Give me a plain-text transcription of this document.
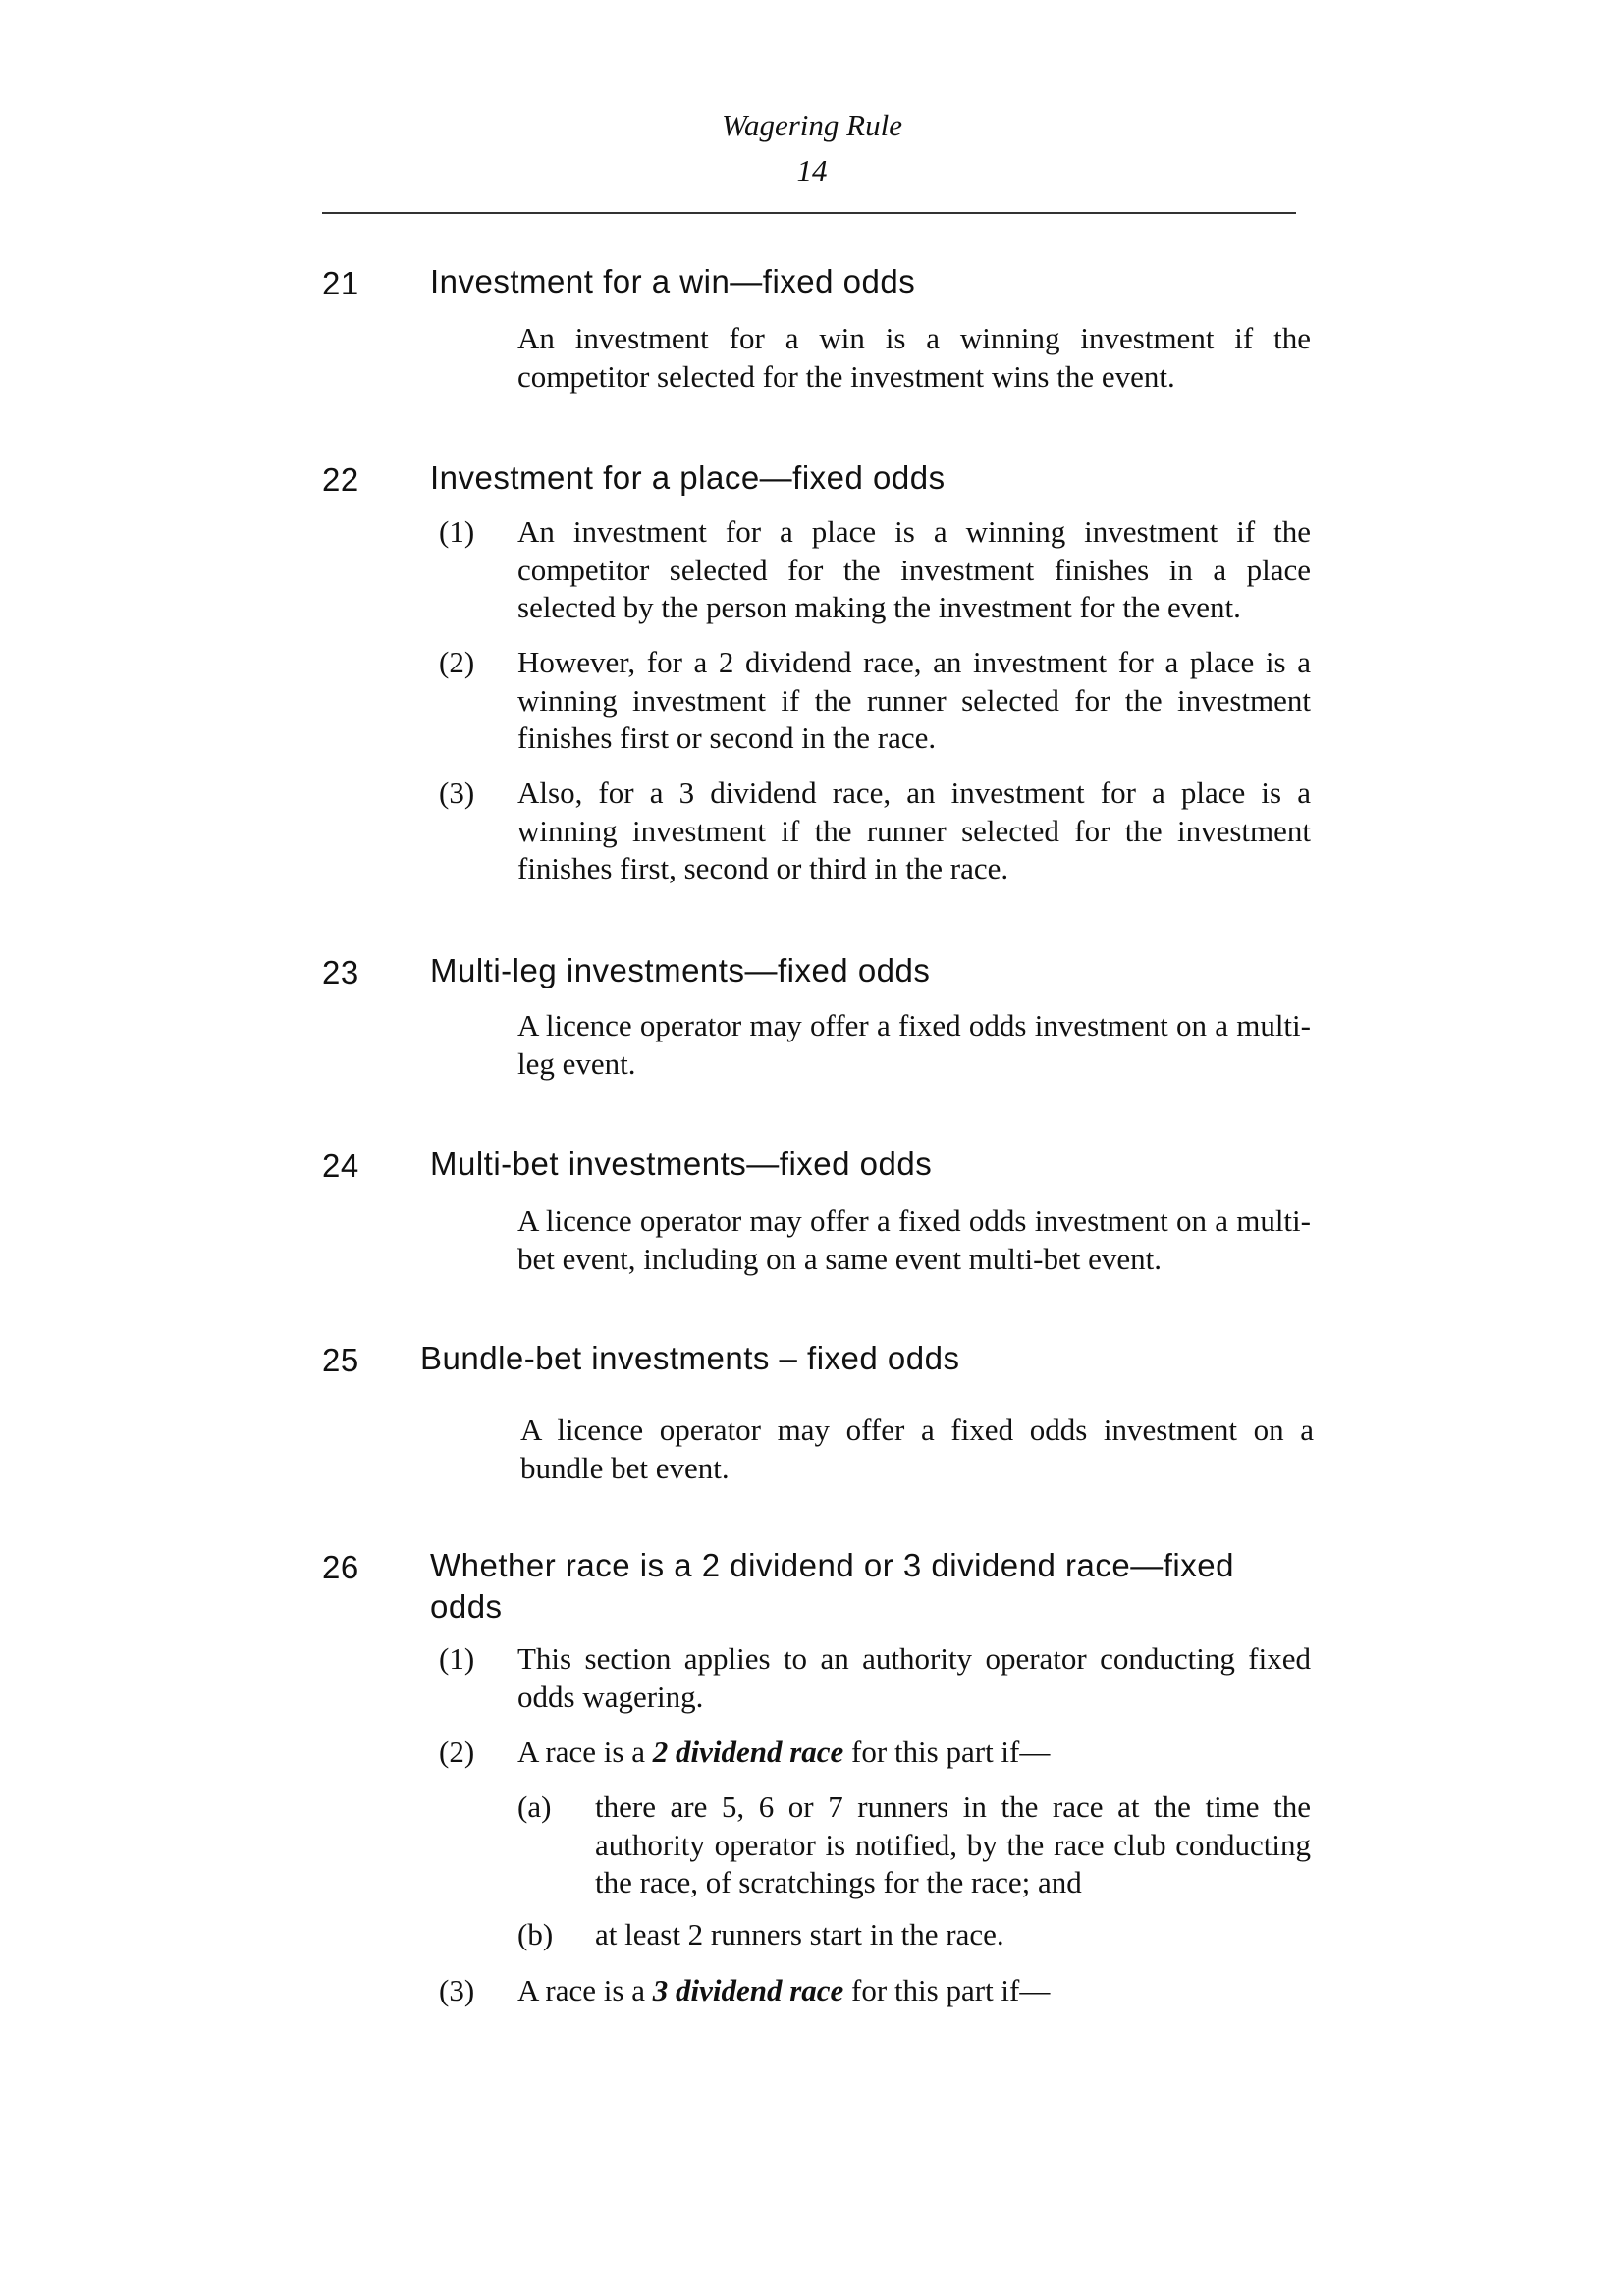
Wagering Rule
14
21 Investment for a win—fixed odds
An investment for a win is a winning investment if the competitor selected for the investment wins the event.
22 Investment for a place—fixed odds
(1) An investment for a place is a winning investment if the competitor selected for the investment finishes in a place selected by the person making the investment for the event.
(2) However, for a 2 dividend race, an investment for a place is a winning investment if the runner selected for the investment finishes first or second in the race.
(3) Also, for a 3 dividend race, an investment for a place is a winning investment if the runner selected for the investment finishes first, second or third in the race.
23 Multi-leg investments—fixed odds
A licence operator may offer a fixed odds investment on a multi-leg event.
24 Multi-bet investments—fixed odds
A licence operator may offer a fixed odds investment on a multi-bet event, including on a same event multi-bet event.
25 Bundle-bet investments – fixed odds
A licence operator may offer a fixed odds investment on a bundle bet event.
26 Whether race is a 2 dividend or 3 dividend race—fixed odds
(1) This section applies to an authority operator conducting fixed odds wagering.
(2) A race is a 2 dividend race for this part if—
(a) there are 5, 6 or 7 runners in the race at the time the authority operator is notified, by the race club conducting the race, of scratchings for the race; and
(b) at least 2 runners start in the race.
(3) A race is a 3 dividend race for this part if—
